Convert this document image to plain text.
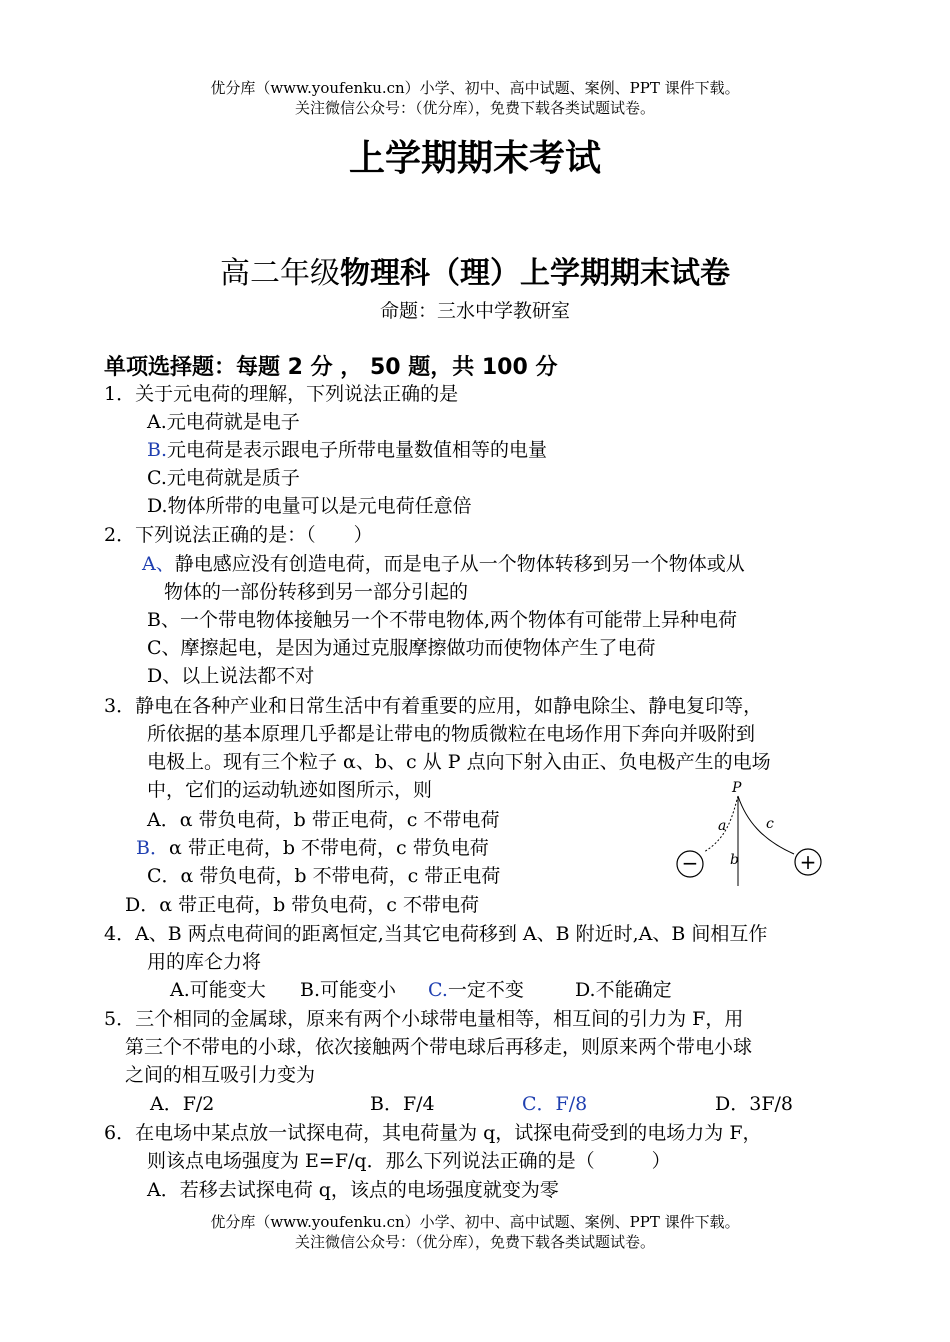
优分库（www.youfenku.cn）小学、初中、高中试题、案例、PPT 课件下载。
关注微信公众号：（优分库），免费下载各类试题试卷。
上学期期末考试
高二年级物理科（理）上学期期末试卷
命题：三水中学教研室
单项选择题：每题 2 分 ， 50 题，共 100 分
1．关于元电荷的理解，下列说法正确的是
A.元电荷就是电子
B.元电荷是表示跟电子所带电量数值相等的电量
C.元电荷就是质子
D.物体所带的电量可以是元电荷任意倍
2．下列说法正确的是：（　　）
A、静电感应没有创造电荷，而是电子从一个物体转移到另一个物体或从
物体的一部份转移到另一部分引起的
B、一个带电物体接触另一个不带电物体,两个物体有可能带上异种电荷
C、摩擦起电，是因为通过克服摩擦做功而使物体产生了电荷
D、以上说法都不对
3．静电在各种产业和日常生活中有着重要的应用，如静电除尘、静电复印等，
所依据的基本原理几乎都是让带电的物质微粒在电场作用下奔向并吸附到
电极上。现有三个粒子 α、b、c 从 P 点向下射入由正、负电极产生的电场
中，它们的运动轨迹如图所示，则
A．α 带负电荷，b 带正电荷，c 不带电荷
B．α 带正电荷，b 不带电荷，c 带负电荷
C．α 带负电荷，b 不带电荷，c 带正电荷
D．α 带正电荷，b 带负电荷，c 不带电荷
P
a
b
c
−	+
4．A、B 两点电荷间的距离恒定,当其它电荷移到 A、B 附近时,A、B 间相互作
用的库仑力将
A.可能变大 B.可能变小 C.一定不变	D.不能确定
5．三个相同的金属球，原来有两个小球带电量相等，相互间的引力为 F，用
第三个不带电的小球，依次接触两个带电球后再移走，则原来两个带电小球
之间的相互吸引力变为
A．F/2	B．F/4	C．F/8	D．3F/8
6．在电场中某点放一试探电荷，其电荷量为 q，试探电荷受到的电场力为 F，
则该点电场强度为 E=F/q．那么下列说法正确的是（　　　）
A．若移去试探电荷 q，该点的电场强度就变为零
优分库（www.youfenku.cn）小学、初中、高中试题、案例、PPT 课件下载。
关注微信公众号：（优分库），免费下载各类试题试卷。
